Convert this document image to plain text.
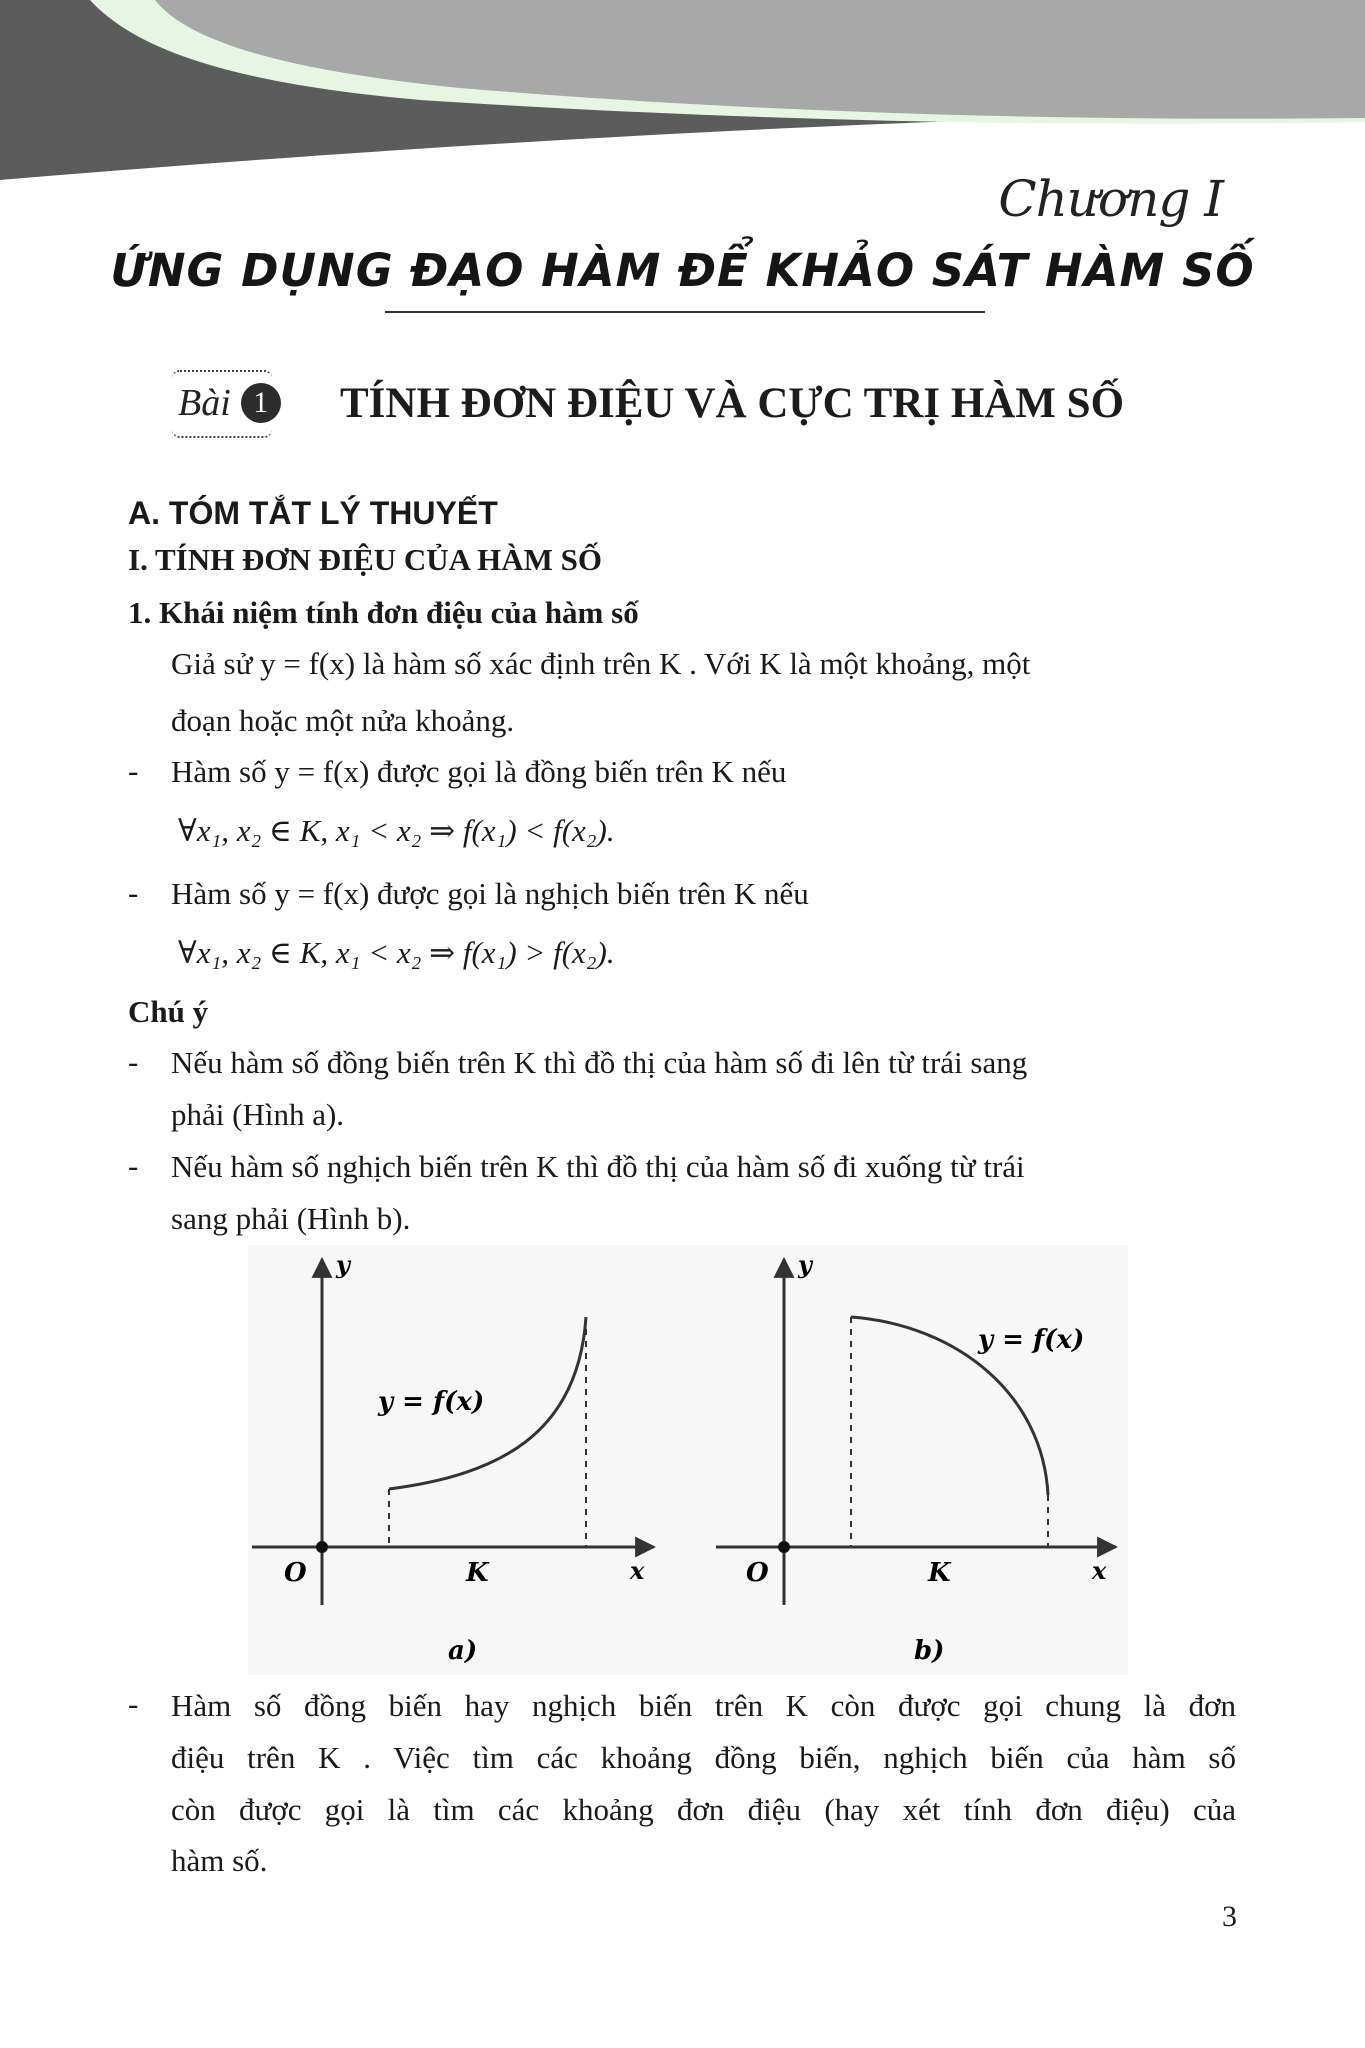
Chương I
ỨNG DỤNG ĐẠO HÀM ĐỂ KHẢO SÁT HÀM SỐ
Bài 1 TÍNH ĐƠN ĐIỆU VÀ CỰC TRỊ HÀM SỐ
A. TÓM TẮT LÝ THUYẾT
I. TÍNH ĐƠN ĐIỆU CỦA HÀM SỐ
1. Khái niệm tính đơn điệu của hàm số
Giả sử y = f(x) là hàm số xác định trên K . Với K là một khoảng, một
đoạn hoặc một nửa khoảng.
- Hàm số y = f(x) được gọi là đồng biến trên K nếu
∀x₁, x₂ ∈ K, x₁ < x₂ ⇒ f(x₁) < f(x₂).
- Hàm số y = f(x) được gọi là nghịch biến trên K nếu
∀x₁, x₂ ∈ K, x₁ < x₂ ⇒ f(x₁) > f(x₂).
Chú ý
- Nếu hàm số đồng biến trên K thì đồ thị của hàm số đi lên từ trái sang
phải (Hình a).
- Nếu hàm số nghịch biến trên K thì đồ thị của hàm số đi xuống từ trái
sang phải (Hình b).
y
x
O	K
y = f(x)
a)
y
x
O	K
y = f(x)
b)
- Hàm số đồng biến hay nghịch biến trên K còn được gọi chung là đơn
điệu trên K . Việc tìm các khoảng đồng biến, nghịch biến của hàm số
còn được gọi là tìm các khoảng đơn điệu (hay xét tính đơn điệu) của
hàm số.
3
